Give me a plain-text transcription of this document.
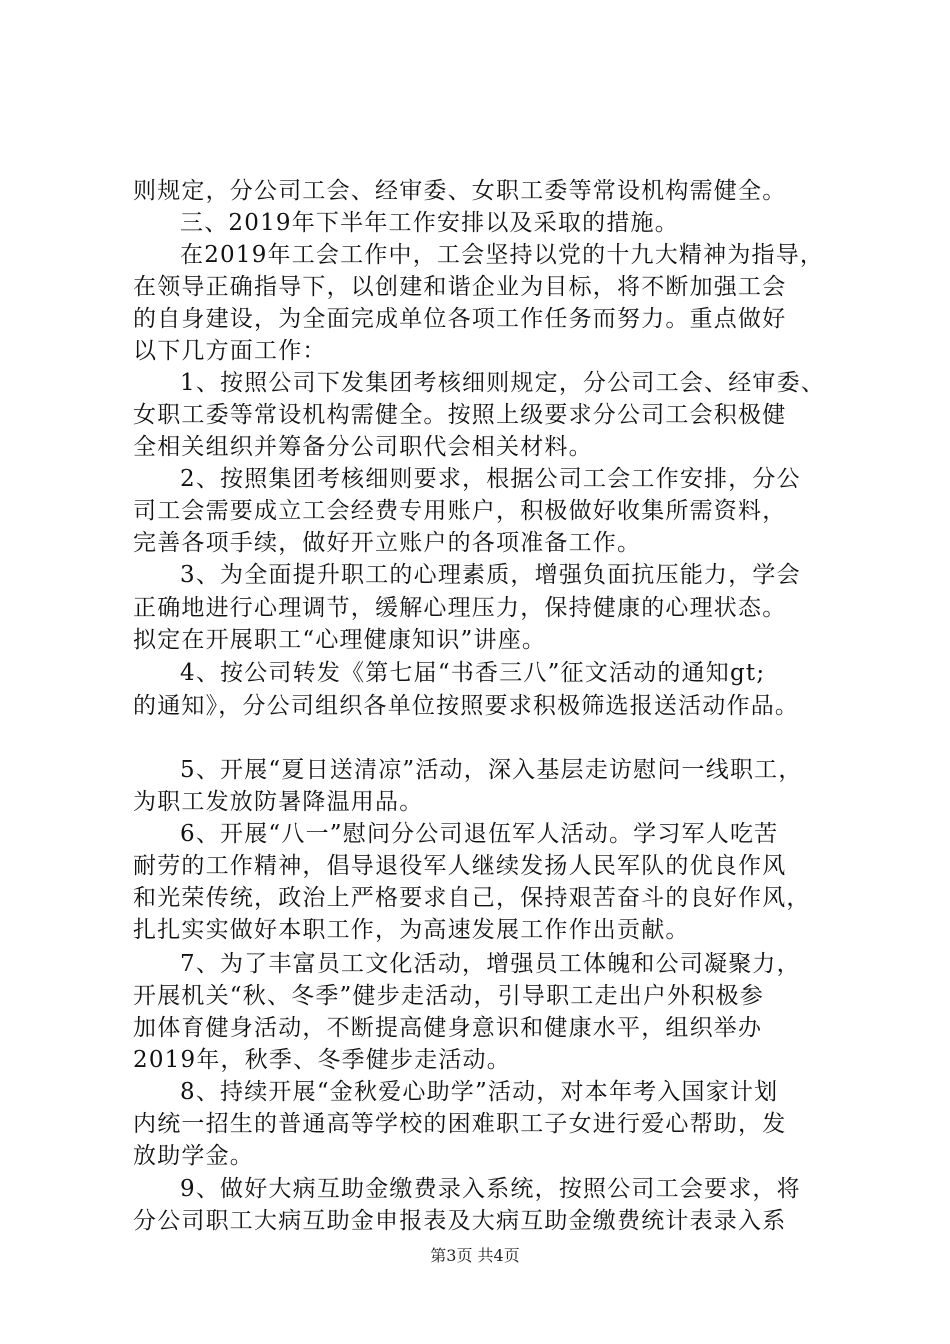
则规定，分公司工会、经审委、女职工委等常设机构需健全。
三、2019年下半年工作安排以及采取的措施。
在2019年工会工作中，工会坚持以党的十九大精神为指导，
在领导正确指导下，以创建和谐企业为目标，将不断加强工会
的自身建设，为全面完成单位各项工作任务而努力。重点做好
以下几方面工作：
1、按照公司下发集团考核细则规定，分公司工会、经审委、
女职工委等常设机构需健全。按照上级要求分公司工会积极健
全相关组织并筹备分公司职代会相关材料。
2、按照集团考核细则要求，根据公司工会工作安排，分公
司工会需要成立工会经费专用账户，积极做好收集所需资料，
完善各项手续，做好开立账户的各项准备工作。
3、为全面提升职工的心理素质，增强负面抗压能力，学会
正确地进行心理调节，缓解心理压力，保持健康的心理状态。
拟定在开展职工“心理健康知识”讲座。
4、按公司转发《第七届“书香三八”征文活动的通知gt;
的通知》，分公司组织各单位按照要求积极筛选报送活动作品。
5、开展“夏日送清凉”活动，深入基层走访慰问一线职工，
为职工发放防暑降温用品。
6、开展“八一”慰问分公司退伍军人活动。学习军人吃苦
耐劳的工作精神，倡导退役军人继续发扬人民军队的优良作风
和光荣传统，政治上严格要求自己，保持艰苦奋斗的良好作风，
扎扎实实做好本职工作，为高速发展工作作出贡献。
7、为了丰富员工文化活动，增强员工体魄和公司凝聚力，
开展机关“秋、冬季”健步走活动，引导职工走出户外积极参
加体育健身活动，不断提高健身意识和健康水平，组织举办
2019年，秋季、冬季健步走活动。
8、持续开展“金秋爱心助学”活动，对本年考入国家计划
内统一招生的普通高等学校的困难职工子女进行爱心帮助，发
放助学金。
9、做好大病互助金缴费录入系统，按照公司工会要求，将
分公司职工大病互助金申报表及大病互助金缴费统计表录入系
第3页 共4页
